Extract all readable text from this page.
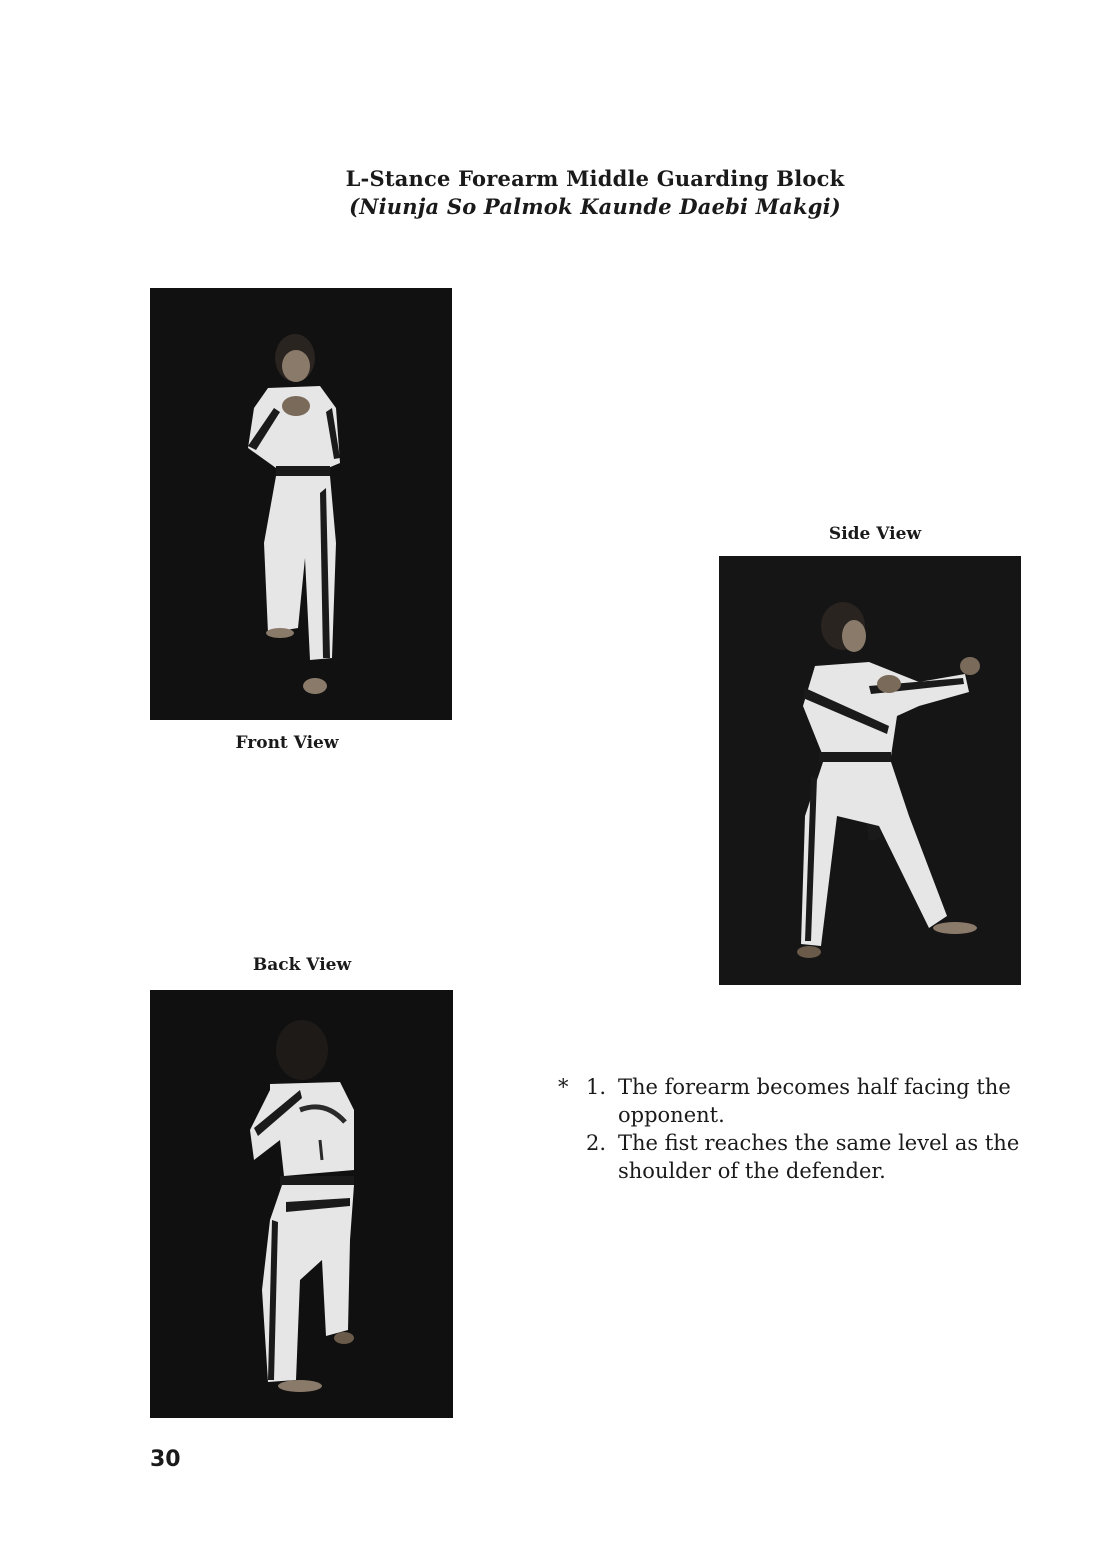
L-Stance Forearm Middle Guarding Block
(Niunja So Palmok Kaunde Daebi Makgi)
Front View
Side View
Back View
* 1. The forearm becomes half facing the opponent.
2. The fist reaches the same level as the shoulder of the defender.
30
